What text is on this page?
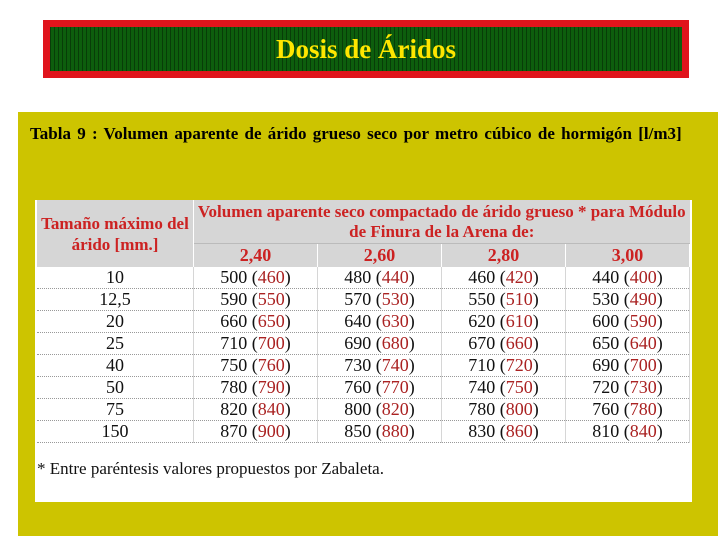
Dosis de Áridos
Tabla 9 : Volumen aparente de árido grueso seco por metro cúbico de hormigón [l/m3]
Tamaño máximo del árido [mm.]	Volumen aparente seco compactado de árido grueso * para Módulo de Finura de la Arena de:			
	2,40	2,60	2,80	3,00
10	500 (460)	480 (440)	460 (420)	440 (400)
12,5	590 (550)	570 (530)	550 (510)	530 (490)
20	660 (650)	640 (630)	620 (610)	600 (590)
25	710 (700)	690 (680)	670 (660)	650 (640)
40	750 (760)	730 (740)	710 (720)	690 (700)
50	780 (790)	760 (770)	740 (750)	720 (730)
75	820 (840)	800 (820)	780 (800)	760 (780)
150	870 (900)	850 (880)	830 (860)	810 (840)
* Entre paréntesis valores propuestos por Zabaleta.
